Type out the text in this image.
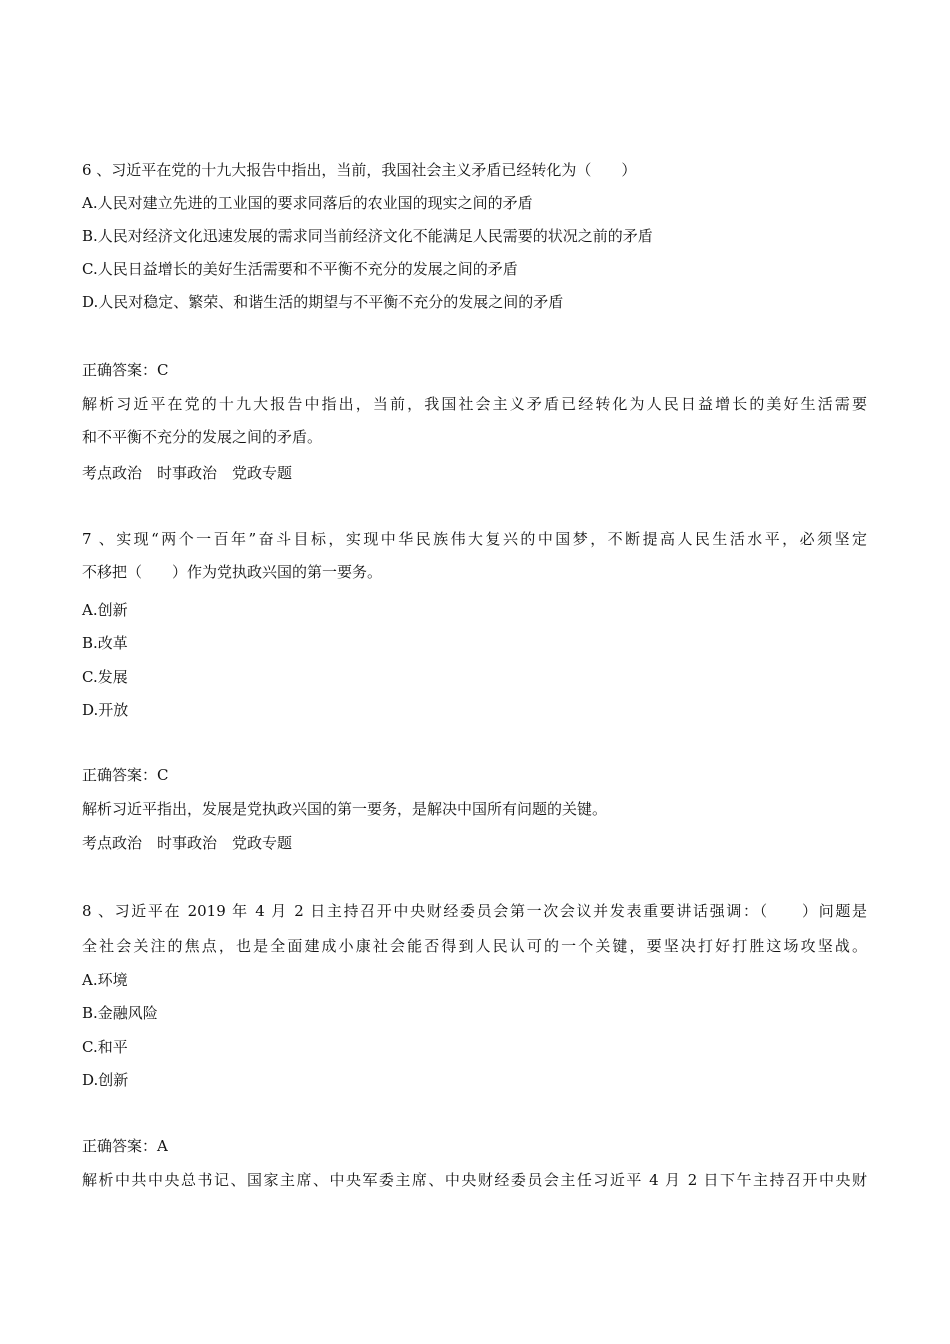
6 、习近平在党的十九大报告中指出，当前，我国社会主义矛盾已经转化为（　　）
A.人民对建立先进的工业国的要求同落后的农业国的现实之间的矛盾
B.人民对经济文化迅速发展的需求同当前经济文化不能满足人民需要的状况之前的矛盾
C.人民日益增长的美好生活需要和不平衡不充分的发展之间的矛盾
D.人民对稳定、繁荣、和谐生活的期望与不平衡不充分的发展之间的矛盾
正确答案：C
解析习近平在党的十九大报告中指出，当前，我国社会主义矛盾已经转化为人民日益增长的美好生活需要
和不平衡不充分的发展之间的矛盾。
考点政治　时事政治　党政专题
7 、实现“两个一百年”奋斗目标，实现中华民族伟大复兴的中国梦，不断提高人民生活水平，必须坚定
不移把（　　）作为党执政兴国的第一要务。
A.创新
B.改革
C.发展
D.开放
正确答案：C
解析习近平指出，发展是党执政兴国的第一要务，是解决中国所有问题的关键。
考点政治　时事政治　党政专题
8 、习近平在 2019 年 4 月 2 日主持召开中央财经委员会第一次会议并发表重要讲话强调：（　　）问题是
全社会关注的焦点，也是全面建成小康社会能否得到人民认可的一个关键，要坚决打好打胜这场攻坚战。
A.环境
B.金融风险
C.和平
D.创新
正确答案：A
解析中共中央总书记、国家主席、中央军委主席、中央财经委员会主任习近平 4 月 2 日下午主持召开中央财
